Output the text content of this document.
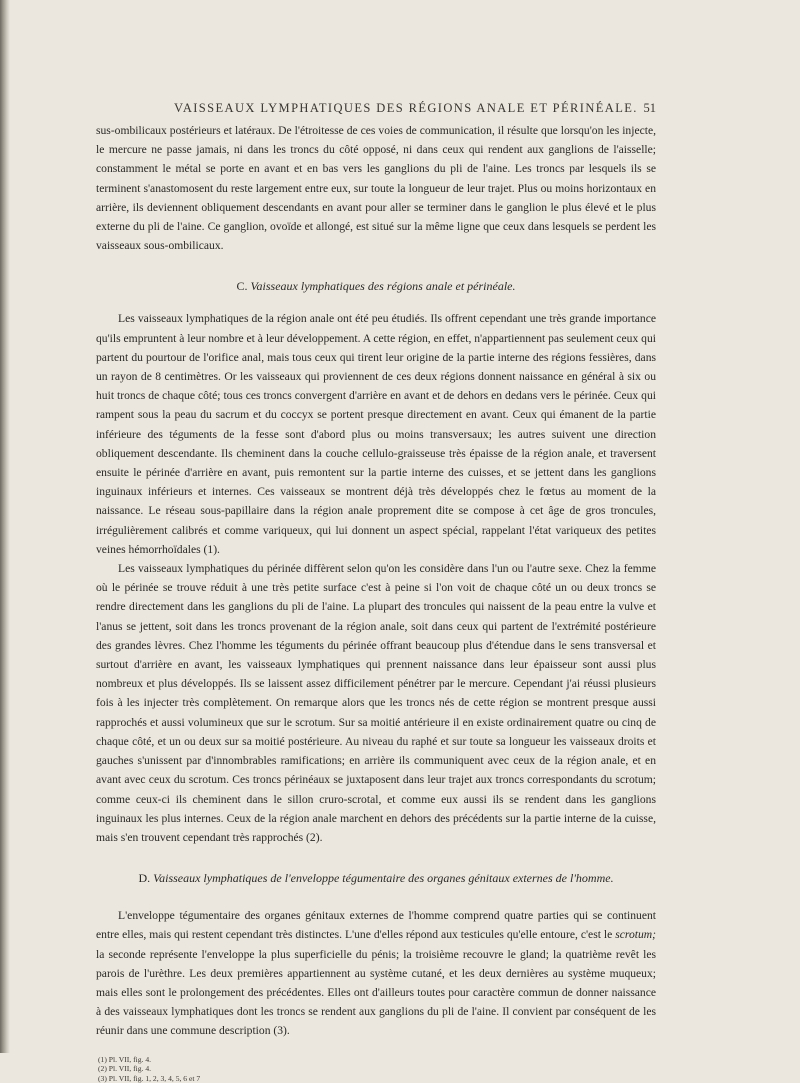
VAISSEAUX LYMPHATIQUES DES RÉGIONS ANALE ET PÉRINÉALE. 51

sus-ombilicaux postérieurs et latéraux. De l'étroitesse de ces voies de communication, il résulte que lorsqu'on les injecte, le mercure ne passe jamais, ni dans les troncs du côté opposé, ni dans ceux qui rendent aux ganglions de l'aisselle; constamment le métal se porte en avant et en bas vers les ganglions du pli de l'aine. Les troncs par lesquels ils se terminent s'anastomosent du reste largement entre eux, sur toute la longueur de leur trajet. Plus ou moins horizontaux en arrière, ils deviennent obliquement descendants en avant pour aller se terminer dans le ganglion le plus élevé et le plus externe du pli de l'aine. Ce ganglion, ovoïde et allongé, est situé sur la même ligne que ceux dans lesquels se perdent les vaisseaux sous-ombilicaux.

C. Vaisseaux lymphatiques des régions anale et périnéale.

Les vaisseaux lymphatiques de la région anale ont été peu étudiés. Ils offrent cependant une très grande importance qu'ils empruntent à leur nombre et à leur développement. A cette région, en effet, n'appartiennent pas seulement ceux qui partent du pourtour de l'orifice anal, mais tous ceux qui tirent leur origine de la partie interne des régions fessières, dans un rayon de 8 centimètres. Or les vaisseaux qui proviennent de ces deux régions donnent naissance en général à six ou huit troncs de chaque côté; tous ces troncs convergent d'arrière en avant et de dehors en dedans vers le périnée. Ceux qui rampent sous la peau du sacrum et du coccyx se portent presque directement en avant. Ceux qui émanent de la partie inférieure des téguments de la fesse sont d'abord plus ou moins transversaux; les autres suivent une direction obliquement descendante. Ils cheminent dans la couche cellulo-graisseuse très épaisse de la région anale, et traversent ensuite le périnée d'arrière en avant, puis remontent sur la partie interne des cuisses, et se jettent dans les ganglions inguinaux inférieurs et internes. Ces vaisseaux se montrent déjà très développés chez le fœtus au moment de la naissance. Le réseau sous-papillaire dans la région anale proprement dite se compose à cet âge de gros troncules, irrégulièrement calibrés et comme variqueux, qui lui donnent un aspect spécial, rappelant l'état variqueux des petites veines hémorrhoïdales (1).

Les vaisseaux lymphatiques du périnée diffèrent selon qu'on les considère dans l'un ou l'autre sexe. Chez la femme où le périnée se trouve réduit à une très petite surface c'est à peine si l'on voit de chaque côté un ou deux troncs se rendre directement dans les ganglions du pli de l'aine. La plupart des troncules qui naissent de la peau entre la vulve et l'anus se jettent, soit dans les troncs provenant de la région anale, soit dans ceux qui partent de l'extrémité postérieure des grandes lèvres. Chez l'homme les téguments du périnée offrant beaucoup plus d'étendue dans le sens transversal et surtout d'arrière en avant, les vaisseaux lymphatiques qui prennent naissance dans leur épaisseur sont aussi plus nombreux et plus développés. Ils se laissent assez difficilement pénétrer par le mercure. Cependant j'ai réussi plusieurs fois à les injecter très complètement. On remarque alors que les troncs nés de cette région se montrent presque aussi rapprochés et aussi volumineux que sur le scrotum. Sur sa moitié antérieure il en existe ordinairement quatre ou cinq de chaque côté, et un ou deux sur sa moitié postérieure. Au niveau du raphé et sur toute sa longueur les vaisseaux droits et gauches s'unissent par d'innombrables ramifications; en arrière ils communiquent avec ceux de la région anale, et en avant avec ceux du scrotum. Ces troncs périnéaux se juxtaposent dans leur trajet aux troncs correspondants du scrotum; comme ceux-ci ils cheminent dans le sillon cruro-scrotal, et comme eux aussi ils se rendent dans les ganglions inguinaux les plus internes. Ceux de la région anale marchent en dehors des précédents sur la partie interne de la cuisse, mais s'en trouvent cependant très rapprochés (2).

D. Vaisseaux lymphatiques de l'enveloppe tégumentaire des organes génitaux externes de l'homme.

L'enveloppe tégumentaire des organes génitaux externes de l'homme comprend quatre parties qui se continuent entre elles, mais qui restent cependant très distinctes. L'une d'elles répond aux testicules qu'elle entoure, c'est le scrotum; la seconde représente l'enveloppe la plus superficielle du pénis; la troisième recouvre le gland; la quatrième revêt les parois de l'urèthre. Les deux premières appartiennent au système cutané, et les deux dernières au système muqueux; mais elles sont le prolongement des précédentes. Elles ont d'ailleurs toutes pour caractère commun de donner naissance à des vaisseaux lymphatiques dont les troncs se rendent aux ganglions du pli de l'aine. Il convient par conséquent de les réunir dans une commune description (3).

(1) Pl. VII, fig. 4.
(2) Pl. VII, fig. 4.
(3) Pl. VII, fig. 1, 2, 3, 4, 5, 6 et 7
